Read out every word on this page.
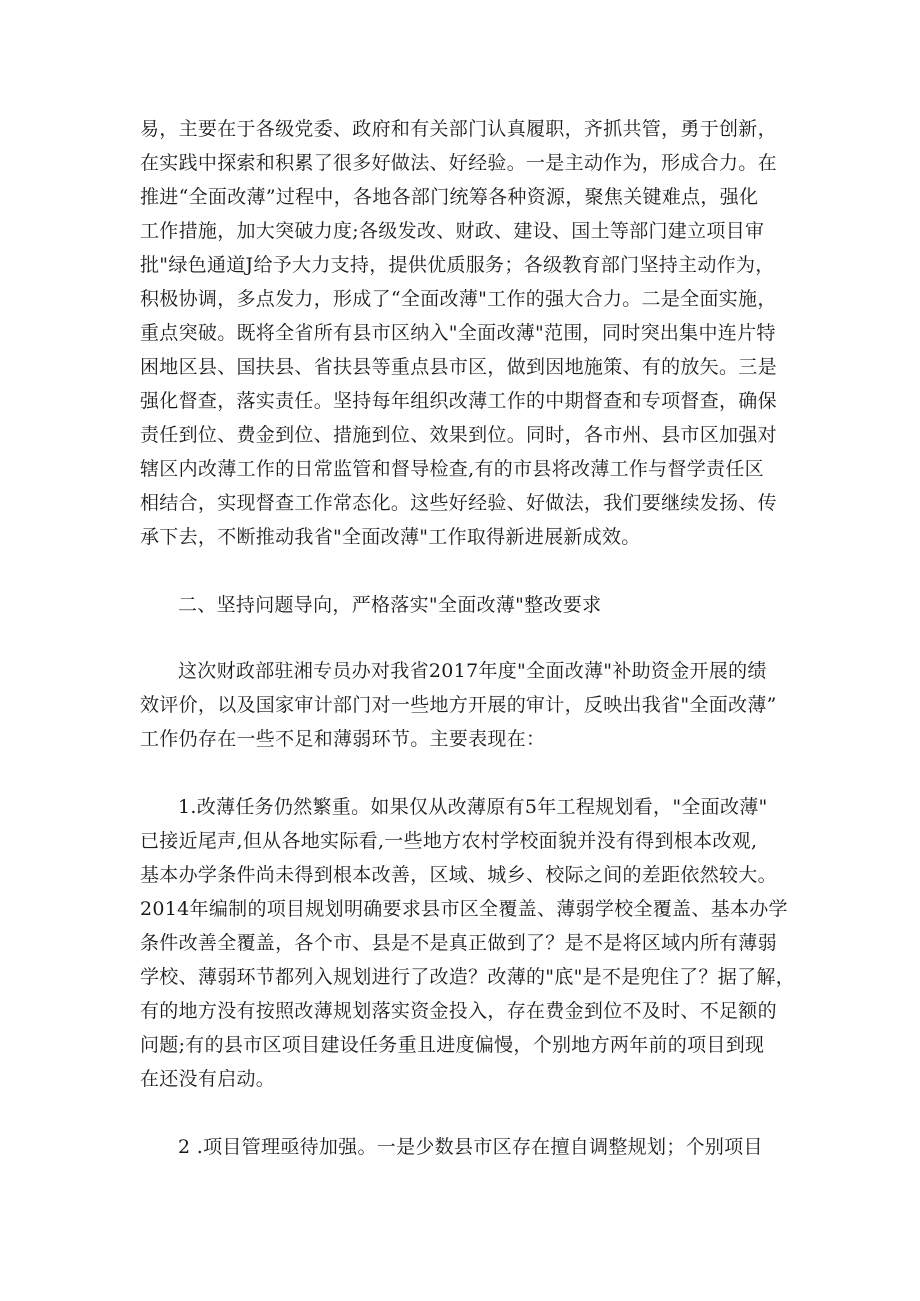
易，主要在于各级党委、政府和有关部门认真履职，齐抓共管，勇于创新，
在实践中探索和积累了很多好做法、好经验。一是主动作为，形成合力。在
推进“全面改薄”过程中，各地各部门统筹各种资源，聚焦关键难点，强化
工作措施，加大突破力度;各级发改、财政、建设、国土等部门建立项目审
批"绿色通道J给予大力支持，提供优质服务；各级教育部门坚持主动作为，
积极协调，多点发力，形成了“全面改薄"工作的强大合力。二是全面实施，
重点突破。既将全省所有县市区纳入"全面改薄"范围，同时突出集中连片特
困地区县、国扶县、省扶县等重点县市区，做到因地施策、有的放矢。三是
强化督查，落实责任。坚持每年组织改薄工作的中期督查和专项督查，确保
责任到位、费金到位、措施到位、效果到位。同时，各市州、县市区加强对
辖区内改薄工作的日常监管和督导检查,有的市县将改薄工作与督学责任区
相结合，实现督查工作常态化。这些好经验、好做法，我们要继续发扬、传
承下去，不断推动我省"全面改薄"工作取得新进展新成效。
二、坚持问题导向，严格落实"全面改薄"整改要求
这次财政部驻湘专员办对我省2017年度"全面改薄"补助资金开展的绩
效评价，以及国家审计部门对一些地方开展的审计，反映出我省"全面改薄”
工作仍存在一些不足和薄弱环节。主要表现在：
1.改薄任务仍然繁重。如果仅从改薄原有5年工程规划看，"全面改薄"
已接近尾声,但从各地实际看,一些地方农村学校面貌并没有得到根本改观,
基本办学条件尚未得到根本改善，区域、城乡、校际之间的差距依然较大。
2014年编制的项目规划明确要求县市区全覆盖、薄弱学校全覆盖、基本办学
条件改善全覆盖，各个市、县是不是真正做到了？是不是将区域内所有薄弱
学校、薄弱环节都列入规划进行了改造？改薄的"底"是不是兜住了？据了解，
有的地方没有按照改薄规划落实资金投入，存在费金到位不及时、不足额的
问题;有的县市区项目建设任务重且进度偏慢，个别地方两年前的项目到现
在还没有启动。
2 .项目管理亟待加强。一是少数县市区存在擅自调整规划；个别项目
